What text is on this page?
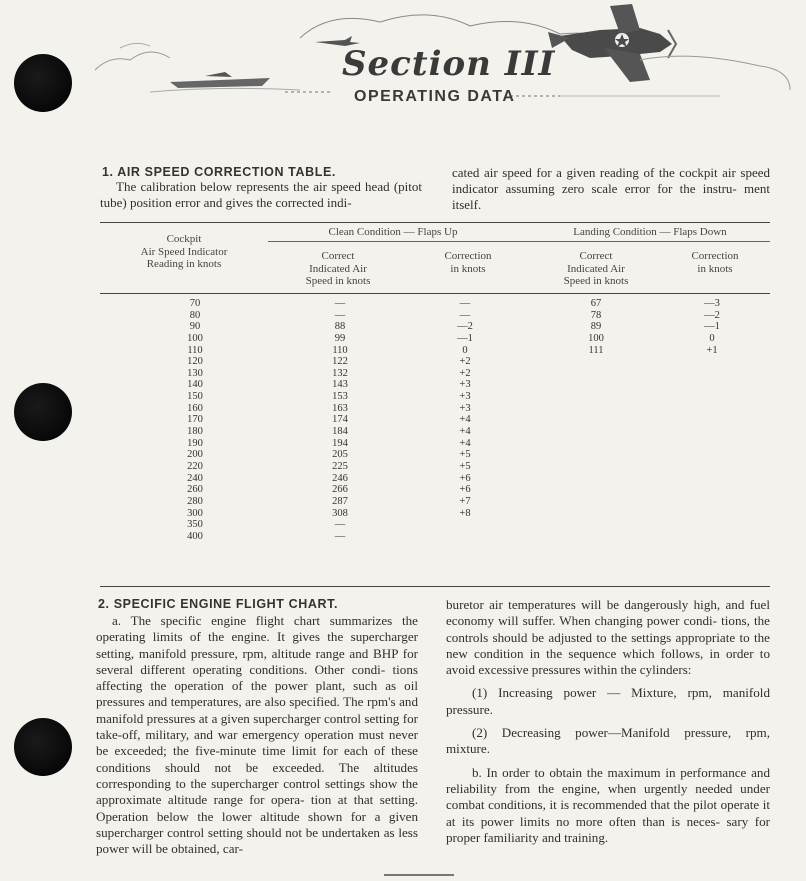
Section III
OPERATING DATA
1. AIR SPEED CORRECTION TABLE.

The calibration below represents the air speed head (pitot tube) position error and gives the corrected indi-

cated air speed for a given reading of the cockpit air speed indicator assuming zero scale error for the instru- ment itself.

Clean Condition — Flaps Up	Landing Condition — Flaps Down
Cockpit
Air Speed Indicator
Reading in knots
Correct
Indicated Air
Speed in knots
Correction
in knots
Correct
Indicated Air
Speed in knots
Correction
in knots
70
80
90
100
110
120
130
140
150
160
170
180
190
200
220
240
260
280
300
350
400
—
—
88
99
110
122
132
143
153
163
174
184
194
205
225
246
266
287
308
—
—
—
—
—2
—1
0
+2
+2
+3
+3
+3
+4
+4
+4
+5
+5
+6
+6
+7
+8
67
78
89
100
111
—3
—2
—1
0
+1
2. SPECIFIC ENGINE FLIGHT CHART.

a. The specific engine flight chart summarizes the operating limits of the engine. It gives the supercharger setting, manifold pressure, rpm, altitude range and BHP for several different operating conditions. Other condi- tions affecting the operation of the power plant, such as oil pressures and temperatures, are also specified. The rpm's and manifold pressures at a given supercharger control setting for take-off, military, and war emergency operation must never be exceeded; the five-minute time limit for each of these conditions should not be exceeded. The altitudes corresponding to the supercharger control settings show the approximate altitude range for opera- tion at that setting. Operation below the lower altitude shown for a given supercharger control setting should not be undertaken as less power will be obtained, car-

buretor air temperatures will be dangerously high, and fuel economy will suffer. When changing power condi- tions, the controls should be adjusted to the settings appropriate to the new condition in the sequence which follows, in order to avoid excessive pressures within the cylinders:

(1) Increasing power — Mixture, rpm, manifold pressure.

(2) Decreasing power—Manifold pressure, rpm, mixture.

b. In order to obtain the maximum in performance and reliability from the engine, when urgently needed under combat conditions, it is recommended that the pilot operate it at its power limits no more often than is neces- sary for proper familiarity and training.
